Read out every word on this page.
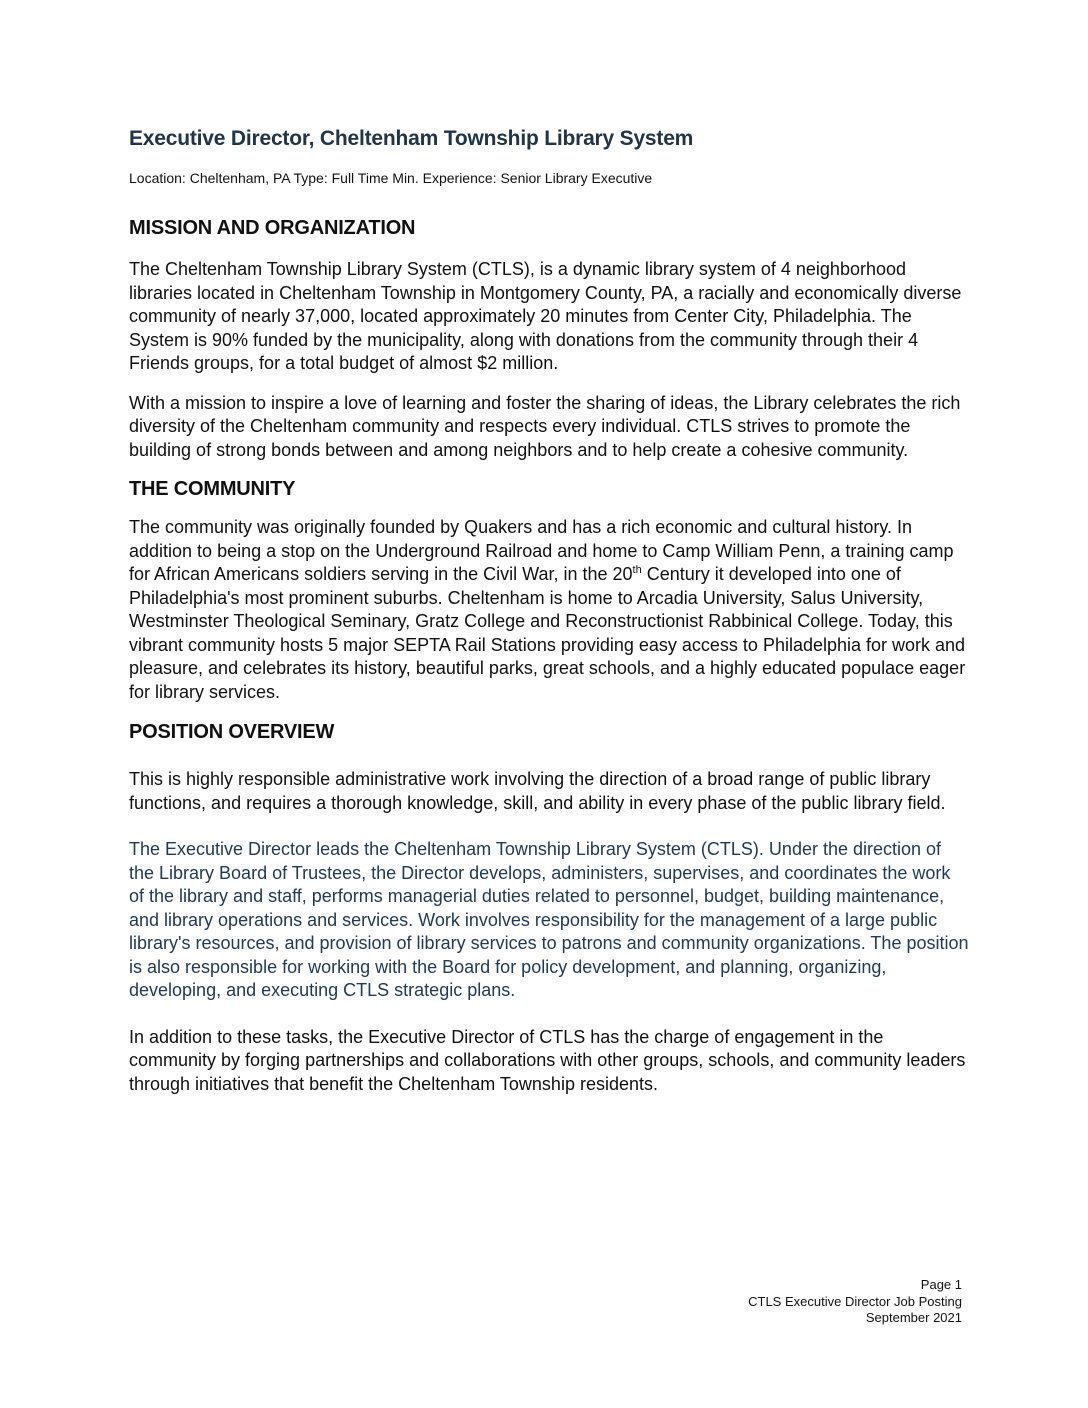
Executive Director, Cheltenham Township Library System
Location: Cheltenham, PA Type: Full Time Min. Experience: Senior Library Executive
MISSION AND ORGANIZATION

The Cheltenham Township Library System (CTLS), is a dynamic library system of 4 neighborhood libraries located in Cheltenham Township in Montgomery County, PA, a racially and economically diverse community of nearly 37,000, located approximately 20 minutes from Center City, Philadelphia. The System is 90% funded by the municipality, along with donations from the community through their 4 Friends groups, for a total budget of almost $2 million.

With a mission to inspire a love of learning and foster the sharing of ideas, the Library celebrates the rich diversity of the Cheltenham community and respects every individual. CTLS strives to promote the building of strong bonds between and among neighbors and to help create a cohesive community.

THE COMMUNITY

The community was originally founded by Quakers and has a rich economic and cultural history. In addition to being a stop on the Underground Railroad and home to Camp William Penn, a training camp for African Americans soldiers serving in the Civil War, in the 20th Century it developed into one of Philadelphia's most prominent suburbs. Cheltenham is home to Arcadia University, Salus University, Westminster Theological Seminary, Gratz College and Reconstructionist Rabbinical College. Today, this vibrant community hosts 5 major SEPTA Rail Stations providing easy access to Philadelphia for work and pleasure, and celebrates its history, beautiful parks, great schools, and a highly educated populace eager for library services.

POSITION OVERVIEW

This is highly responsible administrative work involving the direction of a broad range of public library functions, and requires a thorough knowledge, skill, and ability in every phase of the public library field.

The Executive Director leads the Cheltenham Township Library System (CTLS). Under the direction of the Library Board of Trustees, the Director develops, administers, supervises, and coordinates the work of the library and staff, performs managerial duties related to personnel, budget, building maintenance, and library operations and services. Work involves responsibility for the management of a large public library's resources, and provision of library services to patrons and community organizations. The position is also responsible for working with the Board for policy development, and planning, organizing, developing, and executing CTLS strategic plans.

In addition to these tasks, the Executive Director of CTLS has the charge of engagement in the community by forging partnerships and collaborations with other groups, schools, and community leaders through initiatives that benefit the Cheltenham Township residents.

Page 1
CTLS Executive Director Job Posting
September 2021
